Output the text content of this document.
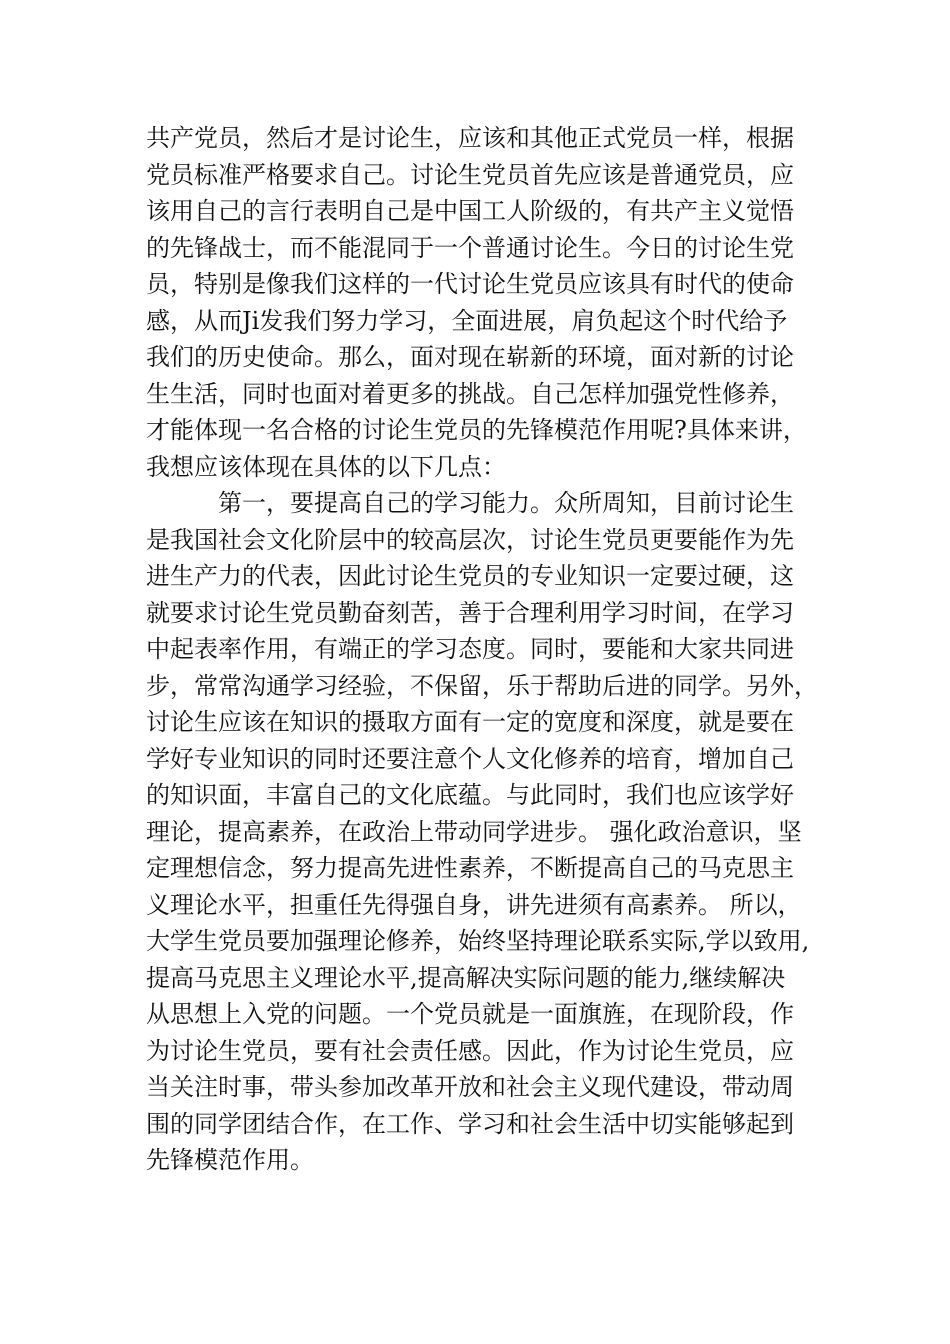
共产党员，然后才是讨论生，应该和其他正式党员一样，根据
党员标准严格要求自己。讨论生党员首先应该是普通党员，应
该用自己的言行表明自己是中国工人阶级的，有共产主义觉悟
的先锋战士，而不能混同于一个普通讨论生。今日的讨论生党
员，特别是像我们这样的一代讨论生党员应该具有时代的使命
感，从而Ji发我们努力学习，全面进展，肩负起这个时代给予
我们的历史使命。那么，面对现在崭新的环境，面对新的讨论
生生活，同时也面对着更多的挑战。自己怎样加强党性修养，
才能体现一名合格的讨论生党员的先锋模范作用呢?具体来讲，
我想应该体现在具体的以下几点：
第一，要提高自己的学习能力。众所周知，目前讨论生
是我国社会文化阶层中的较高层次，讨论生党员更要能作为先
进生产力的代表，因此讨论生党员的专业知识一定要过硬，这
就要求讨论生党员勤奋刻苦，善于合理利用学习时间，在学习
中起表率作用，有端正的学习态度。同时，要能和大家共同进
步，常常沟通学习经验，不保留，乐于帮助后进的同学。另外，
讨论生应该在知识的摄取方面有一定的宽度和深度，就是要在
学好专业知识的同时还要注意个人文化修养的培育，增加自己
的知识面，丰富自己的文化底蕴。与此同时，我们也应该学好
理论，提高素养，在政治上带动同学进步。 强化政治意识，坚
定理想信念，努力提高先进性素养，不断提高自己的马克思主
义理论水平，担重任先得强自身，讲先进须有高素养。 所以，
大学生党员要加强理论修养，始终坚持理论联系实际,学以致用,
提高马克思主义理论水平,提高解决实际问题的能力,继续解决
从思想上入党的问题。一个党员就是一面旗旌，在现阶段，作
为讨论生党员，要有社会责任感。因此，作为讨论生党员，应
当关注时事，带头参加改革开放和社会主义现代建设，带动周
围的同学团结合作，在工作、学习和社会生活中切实能够起到
先锋模范作用。
